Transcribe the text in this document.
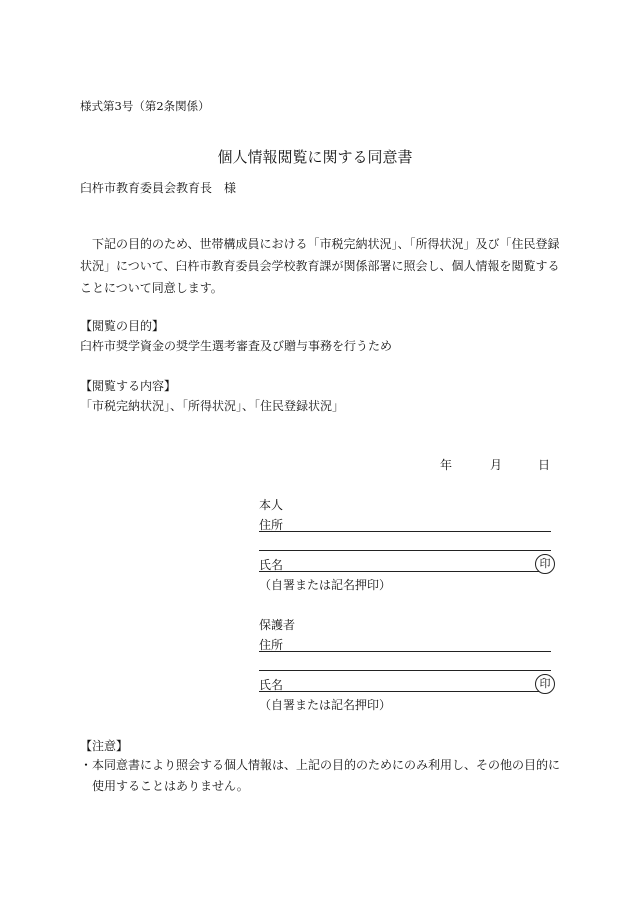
様式第3号（第2条関係）
個人情報閲覧に関する同意書
臼杵市教育委員会教育長　様
　下記の目的のため、世帯構成員における「市税完納状況」、「所得状況」及び「住民登録状況」について、臼杵市教育委員会学校教育課が関係部署に照会し、個人情報を閲覧することについて同意します。
【閲覧の目的】
臼杵市奨学資金の奨学生選考審査及び贈与事務を行うため
【閲覧する内容】
「市税完納状況」、「所得状況」、「住民登録状況」
年	月	日
本人
住所
氏名	印
（自署または記名押印）
保護者
住所
氏名	印
（自署または記名押印）
【注意】
・本同意書により照会する個人情報は、上記の目的のためにのみ利用し、その他の目的に使用することはありません。
